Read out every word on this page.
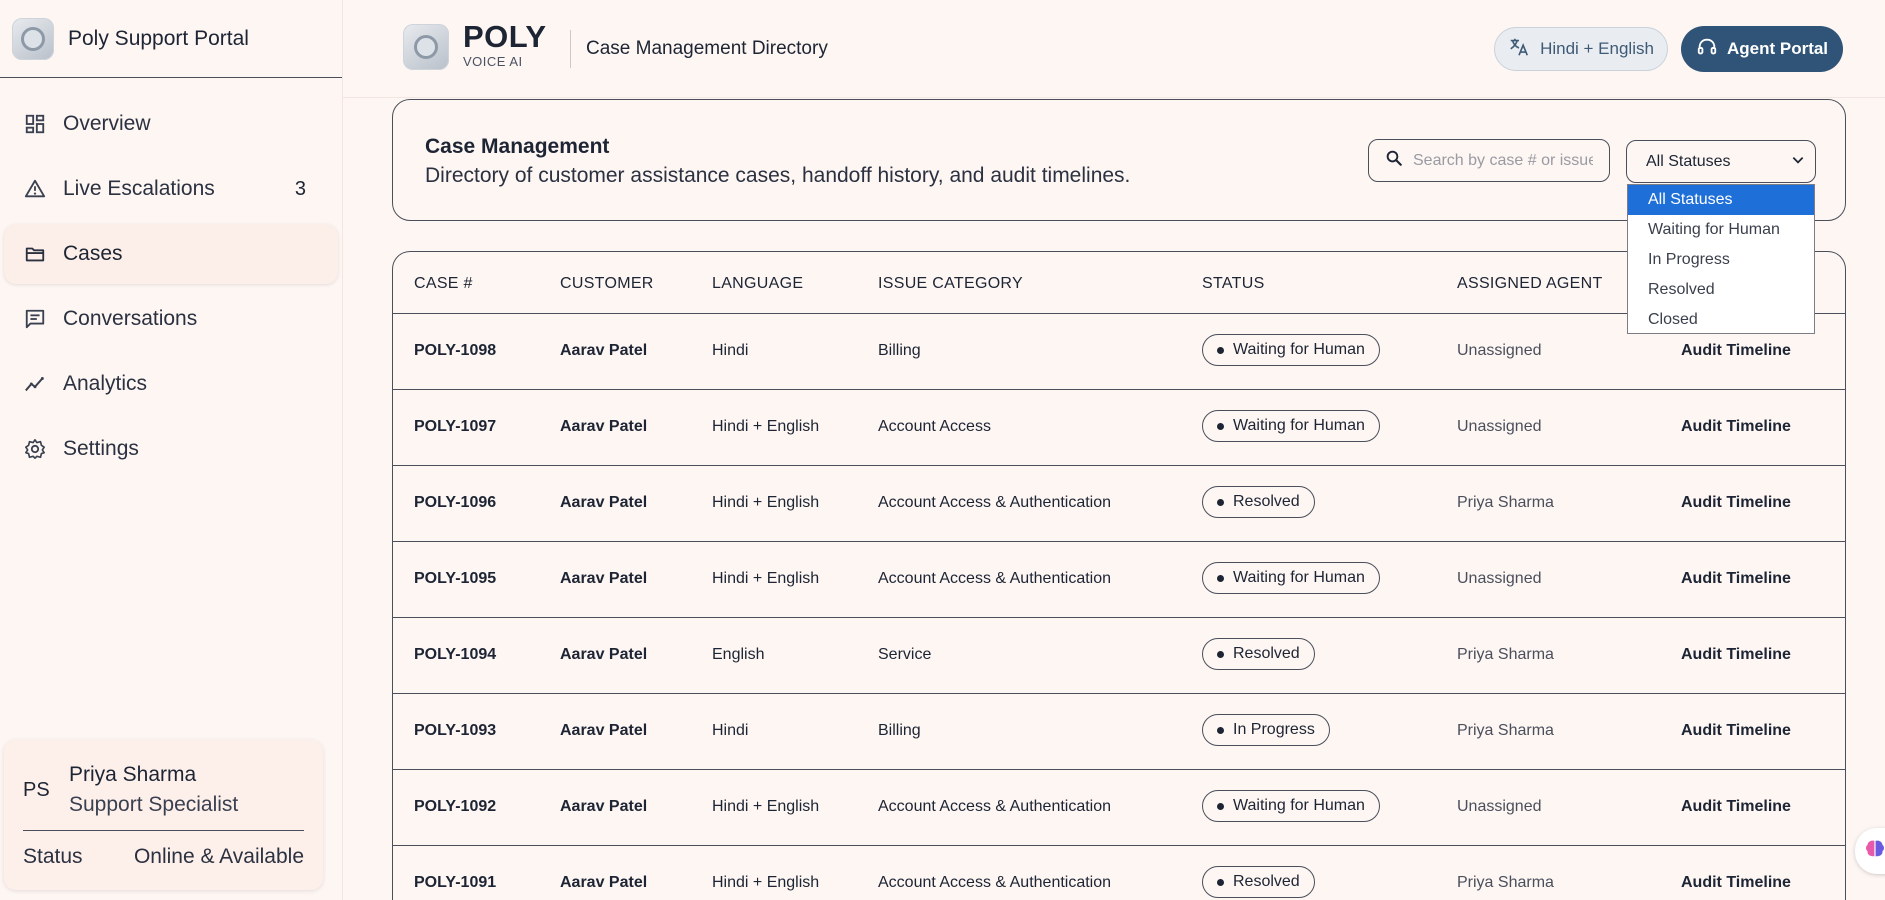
Poly Support Portal
Overview
Live Escalations	3
Cases
Conversations
Analytics
Settings
PS
Priya Sharma
Support Specialist
Status Online & Available
POLY
VOICE AI
Case Management Directory	Hindi + English	Agent Portal
Case Management
Directory of customer assistance cases, handoff history, and audit timelines.
Search by case # or issue
All Statuses
All Statuses
Waiting for Human
In Progress
Resolved
Closed
CASE #	CUSTOMER	LANGUAGE	ISSUE CATEGORY	STATUS	ASSIGNED AGENT
POLY-1098	Aarav Patel	Hindi	Billing	Waiting for Human	Unassigned	Audit Timeline
POLY-1097	Aarav Patel	Hindi + English	Account Access	Waiting for Human	Unassigned	Audit Timeline
POLY-1096	Aarav Patel	Hindi + English	Account Access & Authentication	Resolved	Priya Sharma	Audit Timeline
POLY-1095	Aarav Patel	Hindi + English	Account Access & Authentication	Waiting for Human	Unassigned	Audit Timeline
POLY-1094	Aarav Patel	English	Service	Resolved	Priya Sharma	Audit Timeline
POLY-1093	Aarav Patel	Hindi	Billing	In Progress	Priya Sharma	Audit Timeline
POLY-1092	Aarav Patel	Hindi + English	Account Access & Authentication	Waiting for Human	Unassigned	Audit Timeline
POLY-1091	Aarav Patel	Hindi + English	Account Access & Authentication	Resolved	Priya Sharma	Audit Timeline
